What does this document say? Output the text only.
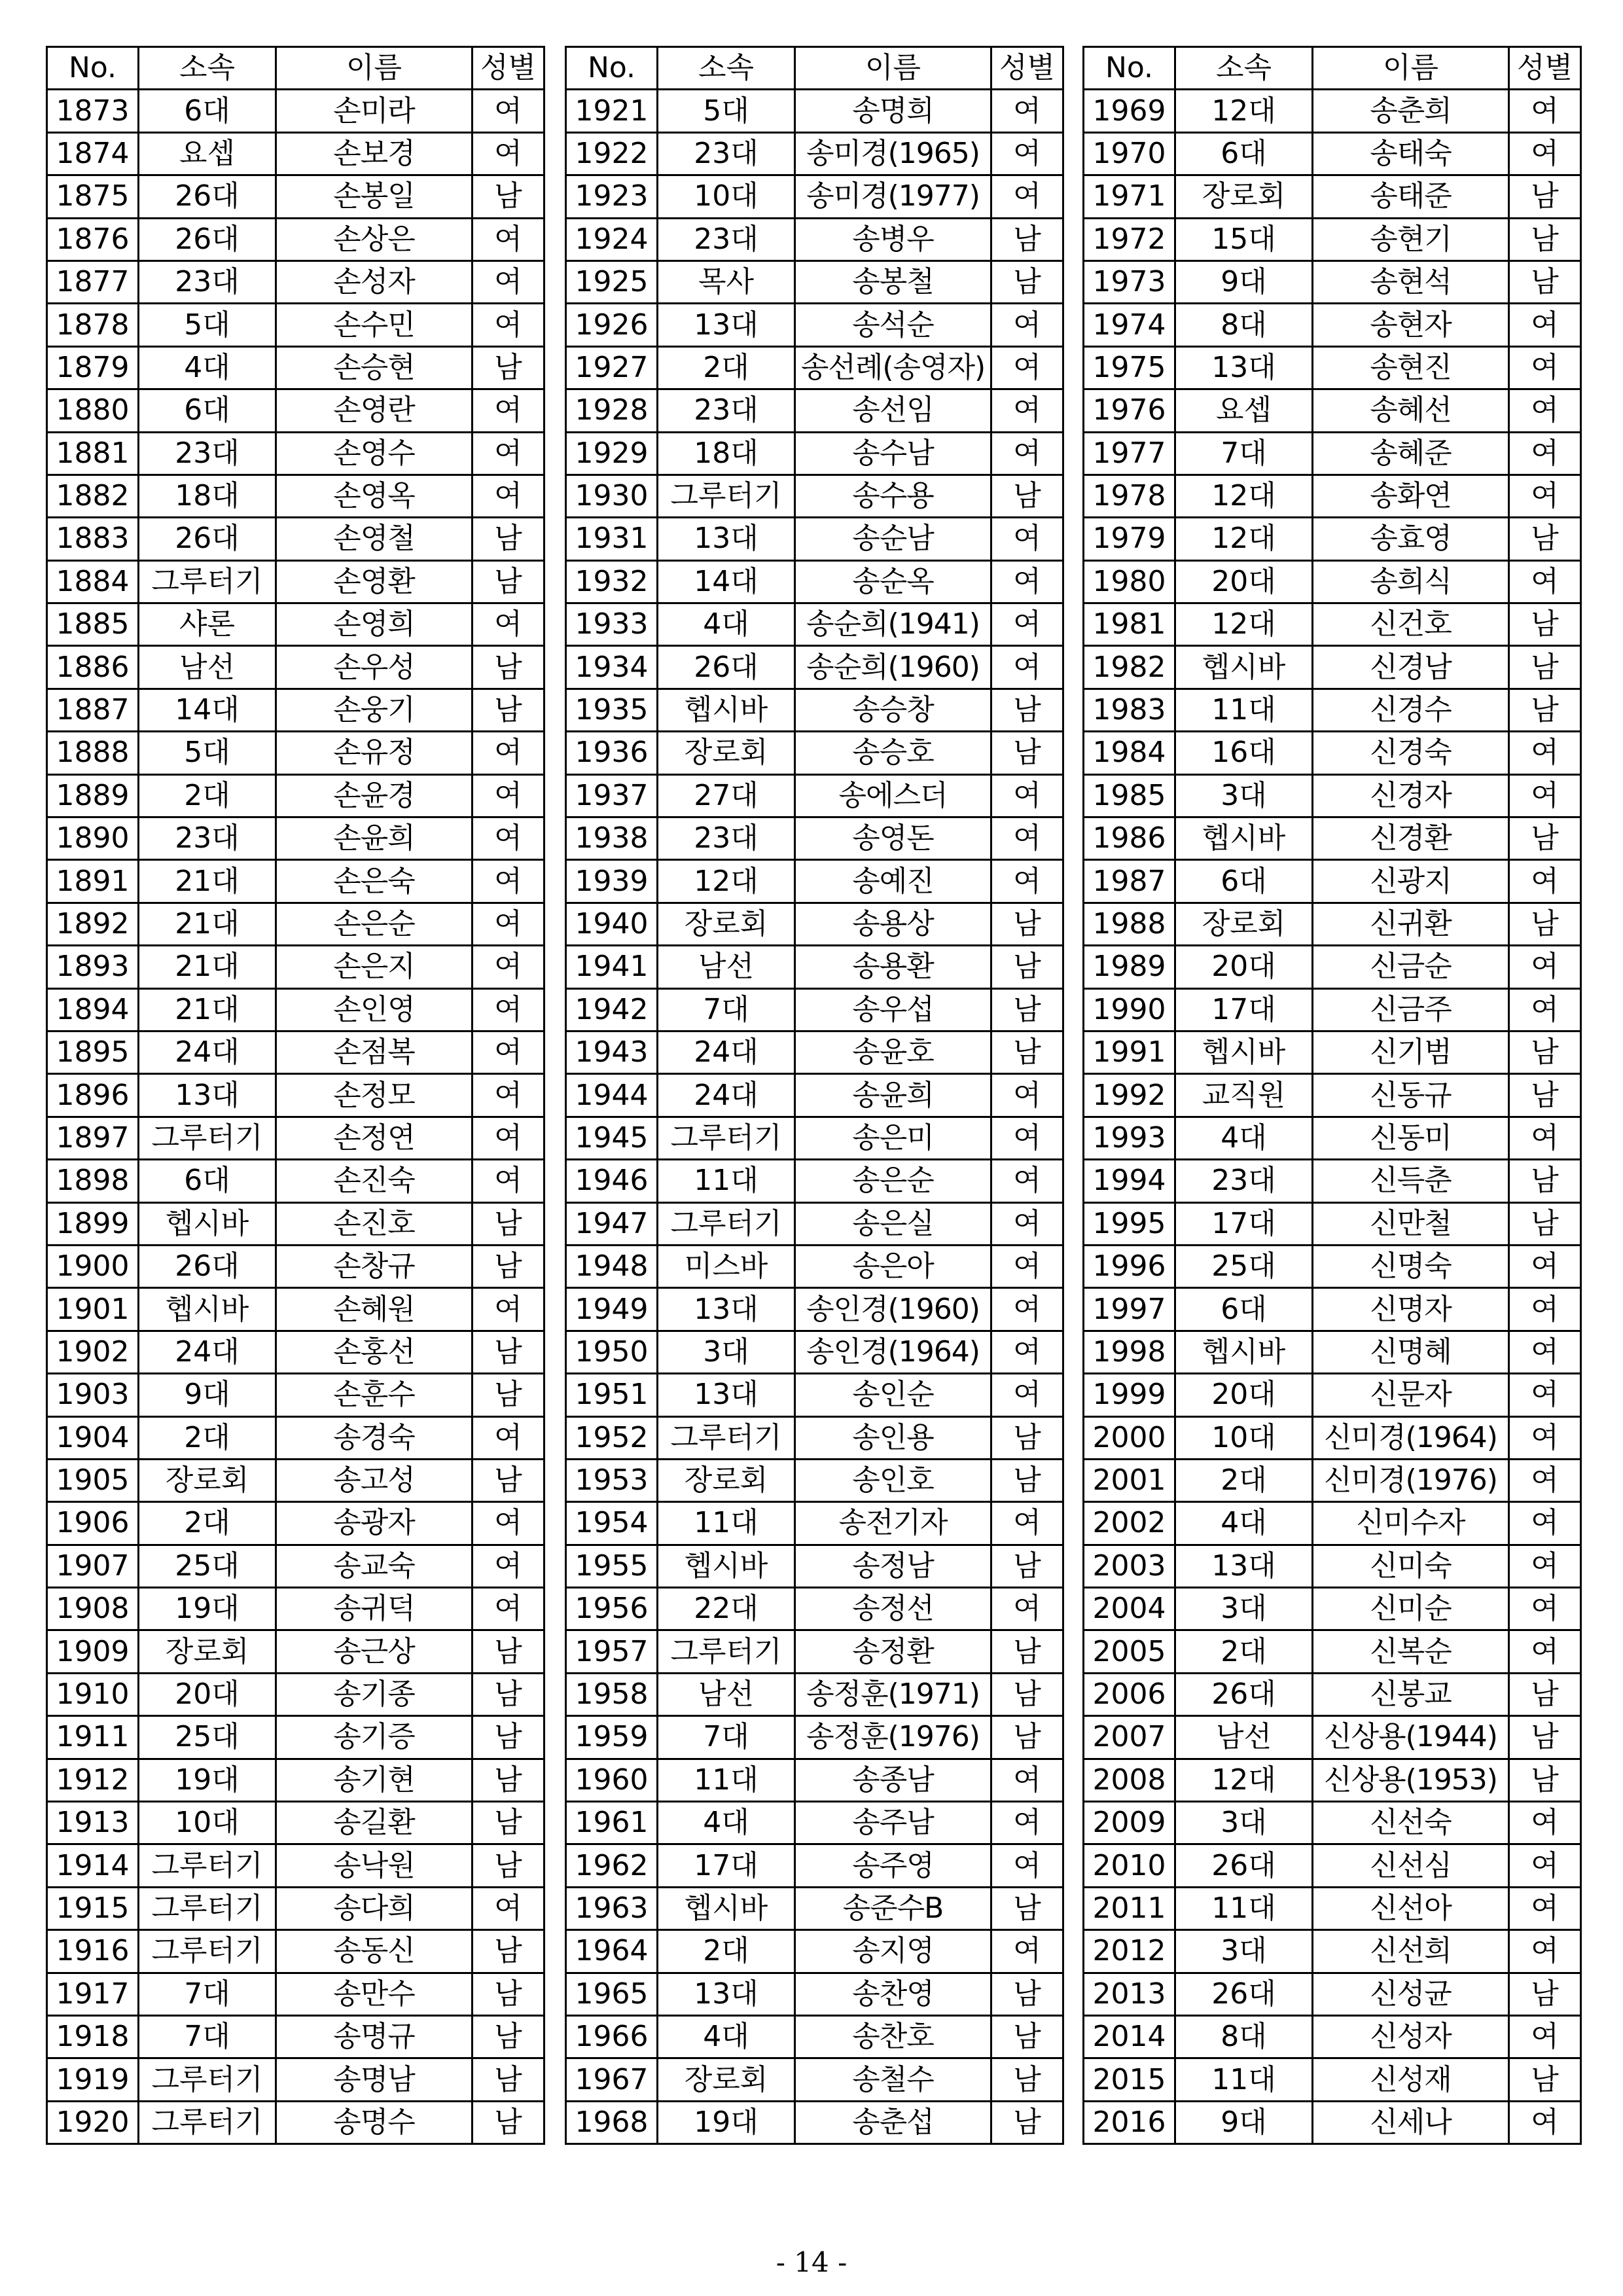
No.	소속	이름	성별
1873	6대	손미라	여
1874	요셉	손보경	여
1875	26대	손봉일	남
1876	26대	손상은	여
1877	23대	손성자	여
1878	5대	손수민	여
1879	4대	손승현	남
1880	6대	손영란	여
1881	23대	손영수	여
1882	18대	손영옥	여
1883	26대	손영철	남
1884	그루터기	손영환	남
1885	샤론	손영희	여
1886	남선	손우성	남
1887	14대	손웅기	남
1888	5대	손유정	여
1889	2대	손윤경	여
1890	23대	손윤희	여
1891	21대	손은숙	여
1892	21대	손은순	여
1893	21대	손은지	여
1894	21대	손인영	여
1895	24대	손점복	여
1896	13대	손정모	여
1897	그루터기	손정연	여
1898	6대	손진숙	여
1899	헵시바	손진호	남
1900	26대	손창규	남
1901	헵시바	손혜원	여
1902	24대	손홍선	남
1903	9대	손훈수	남
1904	2대	송경숙	여
1905	장로회	송고성	남
1906	2대	송광자	여
1907	25대	송교숙	여
1908	19대	송귀덕	여
1909	장로회	송근상	남
1910	20대	송기종	남
1911	25대	송기증	남
1912	19대	송기현	남
1913	10대	송길환	남
1914	그루터기	송낙원	남
1915	그루터기	송다희	여
1916	그루터기	송동신	남
1917	7대	송만수	남
1918	7대	송명규	남
1919	그루터기	송명남	남
1920	그루터기	송명수	남
No.	소속	이름	성별
1921	5대	송명희	여
1922	23대	송미경(1965)	여
1923	10대	송미경(1977)	여
1924	23대	송병우	남
1925	목사	송봉철	남
1926	13대	송석순	여
1927	2대	송선례(송영자)	여
1928	23대	송선임	여
1929	18대	송수남	여
1930	그루터기	송수용	남
1931	13대	송순남	여
1932	14대	송순옥	여
1933	4대	송순희(1941)	여
1934	26대	송순희(1960)	여
1935	헵시바	송승창	남
1936	장로회	송승호	남
1937	27대	송에스더	여
1938	23대	송영돈	여
1939	12대	송예진	여
1940	장로회	송용상	남
1941	남선	송용환	남
1942	7대	송우섭	남
1943	24대	송윤호	남
1944	24대	송윤희	여
1945	그루터기	송은미	여
1946	11대	송은순	여
1947	그루터기	송은실	여
1948	미스바	송은아	여
1949	13대	송인경(1960)	여
1950	3대	송인경(1964)	여
1951	13대	송인순	여
1952	그루터기	송인용	남
1953	장로회	송인호	남
1954	11대	송전기자	여
1955	헵시바	송정남	남
1956	22대	송정선	여
1957	그루터기	송정환	남
1958	남선	송정훈(1971)	남
1959	7대	송정훈(1976)	남
1960	11대	송종남	여
1961	4대	송주남	여
1962	17대	송주영	여
1963	헵시바	송준수B	남
1964	2대	송지영	여
1965	13대	송찬영	남
1966	4대	송찬호	남
1967	장로회	송철수	남
1968	19대	송춘섭	남
No.	소속	이름	성별
1969	12대	송춘희	여
1970	6대	송태숙	여
1971	장로회	송태준	남
1972	15대	송현기	남
1973	9대	송현석	남
1974	8대	송현자	여
1975	13대	송현진	여
1976	요셉	송혜선	여
1977	7대	송혜준	여
1978	12대	송화연	여
1979	12대	송효영	남
1980	20대	송희식	여
1981	12대	신건호	남
1982	헵시바	신경남	남
1983	11대	신경수	남
1984	16대	신경숙	여
1985	3대	신경자	여
1986	헵시바	신경환	남
1987	6대	신광지	여
1988	장로회	신귀환	남
1989	20대	신금순	여
1990	17대	신금주	여
1991	헵시바	신기범	남
1992	교직원	신동규	남
1993	4대	신동미	여
1994	23대	신득춘	남
1995	17대	신만철	남
1996	25대	신명숙	여
1997	6대	신명자	여
1998	헵시바	신명혜	여
1999	20대	신문자	여
2000	10대	신미경(1964)	여
2001	2대	신미경(1976)	여
2002	4대	신미수자	여
2003	13대	신미숙	여
2004	3대	신미순	여
2005	2대	신복순	여
2006	26대	신봉교	남
2007	남선	신상용(1944)	남
2008	12대	신상용(1953)	남
2009	3대	신선숙	여
2010	26대	신선심	여
2011	11대	신선아	여
2012	3대	신선희	여
2013	26대	신성균	남
2014	8대	신성자	여
2015	11대	신성재	남
2016	9대	신세나	여
- 14 -
